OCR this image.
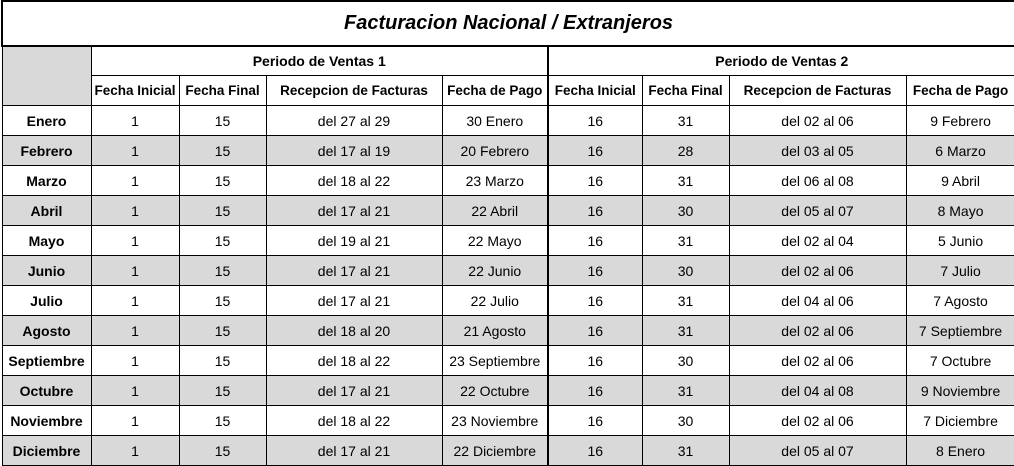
Facturacion Nacional / Extranjeros								
	Periodo de Ventas 1				Periodo de Ventas 2			
	Fecha Inicial	Fecha Final	Recepcion de Facturas	Fecha de Pago	Fecha Inicial	Fecha Final	Recepcion de Facturas	Fecha de Pago
Enero	1	15	del 27 al 29	30 Enero	16	31	del 02 al 06	9 Febrero
Febrero	1	15	del 17 al 19	20 Febrero	16	28	del 03 al 05	6 Marzo
Marzo	1	15	del 18 al 22	23 Marzo	16	31	del 06 al 08	9 Abril
Abril	1	15	del 17 al 21	22 Abril	16	30	del 05 al 07	8 Mayo
Mayo	1	15	del 19 al 21	22 Mayo	16	31	del 02 al 04	5 Junio
Junio	1	15	del 17 al 21	22 Junio	16	30	del 02 al 06	7 Julio
Julio	1	15	del 17 al 21	22 Julio	16	31	del 04 al 06	7 Agosto
Agosto	1	15	del 18 al 20	21 Agosto	16	31	del 02 al 06	7 Septiembre
Septiembre	1	15	del 18 al 22	23 Septiembre	16	30	del 02 al 06	7 Octubre
Octubre	1	15	del 17 al 21	22 Octubre	16	31	del 04 al 08	9 Noviembre
Noviembre	1	15	del 18 al 22	23 Noviembre	16	30	del 02 al 06	7 Diciembre
Diciembre	1	15	del 17 al 21	22 Diciembre	16	31	del 05 al 07	8 Enero
